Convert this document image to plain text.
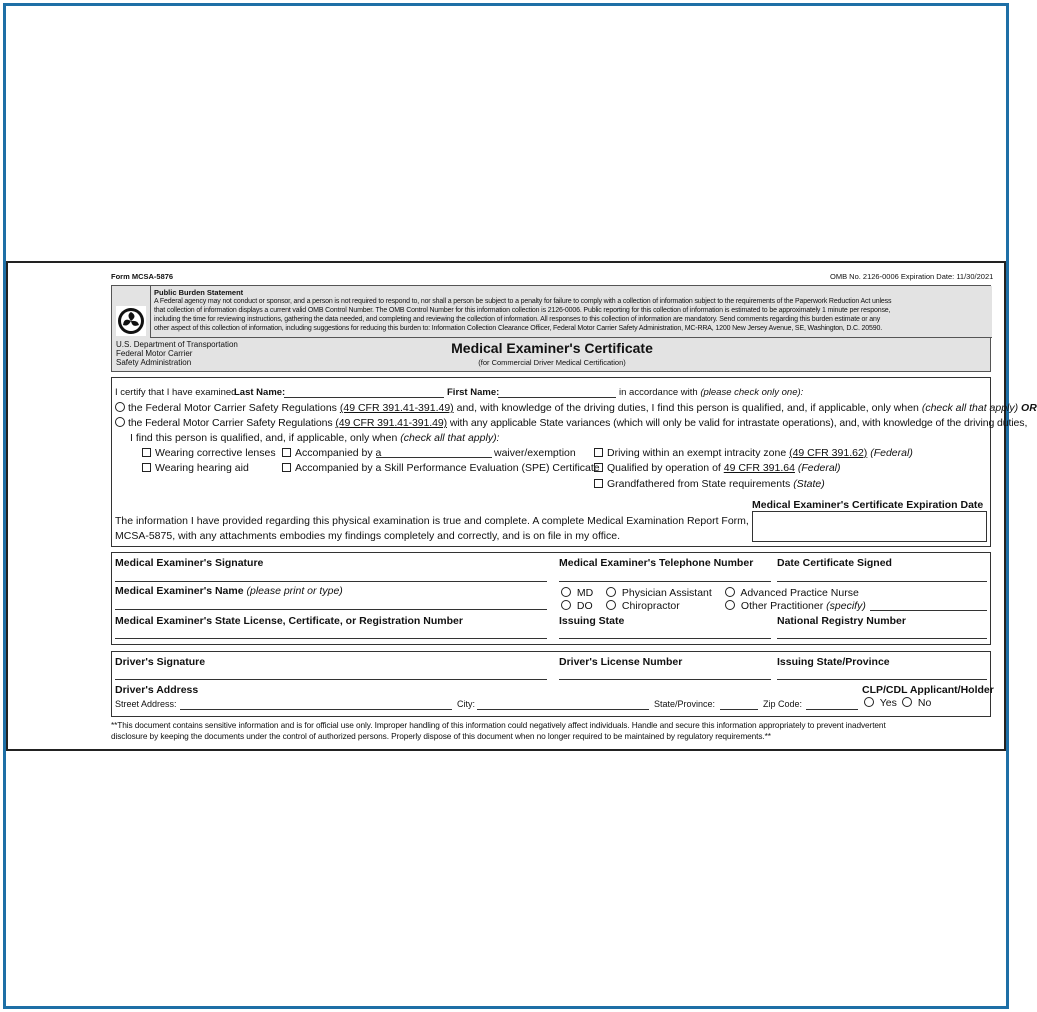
Form MCSA-5876	OMB No. 2126-0006 Expiration Date: 11/30/2021
Public Burden Statement
A Federal agency may not conduct or sponsor, and a person is not required to respond to, nor shall a person be subject to a penalty for failure to comply with a collection of information subject to the requirements of the Paperwork Reduction Act unless
that collection of information displays a current valid OMB Control Number. The OMB Control Number for this information collection is 2126-0006. Public reporting for this collection of information is estimated to be approximately 1 minute per response,
including the time for reviewing instructions, gathering the data needed, and completing and reviewing the collection of information. All responses to this collection of information are mandatory. Send comments regarding this burden estimate or any
other aspect of this collection of information, including suggestions for reducing this burden to: Information Collection Clearance Officer, Federal Motor Carrier Safety Administration, MC-RRA, 1200 New Jersey Avenue, SE, Washington, D.C. 20590.
U.S. Department of Transportation
Federal Motor Carrier
Safety Administration
Medical Examiner's Certificate
(for Commercial Driver Medical Certification)
I certify that I have examined
Last Name:	First Name:	in accordance with (please check only one):
the Federal Motor Carrier Safety Regulations (49 CFR 391.41-391.49) and, with knowledge of the driving duties, I find this person is qualified, and, if applicable, only when (check all that apply) OR
the Federal Motor Carrier Safety Regulations (49 CFR 391.41-391.49) with any applicable State variances (which will only be valid for intrastate operations), and, with knowledge of the driving duties,
I find this person is qualified, and, if applicable, only when (check all that apply):
Wearing corrective lenses
Wearing hearing aid
Accompanied by a	waiver/exemption
Accompanied by a Skill Performance Evaluation (SPE) Certificate
Driving within an exempt intracity zone (49 CFR 391.62) (Federal)
Qualified by operation of 49 CFR 391.64 (Federal)
Grandfathered from State requirements (State)
The information I have provided regarding this physical examination is true and complete. A complete Medical Examination Report Form,
MCSA-5875, with any attachments embodies my findings completely and correctly, and is on file in my office.
Medical Examiner's Certificate Expiration Date
Medical Examiner's Signature	Medical Examiner's Telephone Number Date Certificate Signed
Medical Examiner's Name (please print or type)	MD
DO
Physician Assistant
Chiropractor
Advanced Practice Nurse
Other Practitioner (specify)
Medical Examiner's State License, Certificate, or Registration Number	Issuing State	National Registry Number
Driver's Signature	Driver's License Number	Issuing State/Province
Driver's Address	CLP/CDL Applicant/Holder
Street Address:	City:	State/Province:	Zip Code:	Yes	No
**This document contains sensitive information and is for official use only. Improper handling of this information could negatively affect individuals. Handle and secure this information appropriately to prevent inadvertent
disclosure by keeping the documents under the control of authorized persons. Properly dispose of this document when no longer required to be maintained by regulatory requirements.**
